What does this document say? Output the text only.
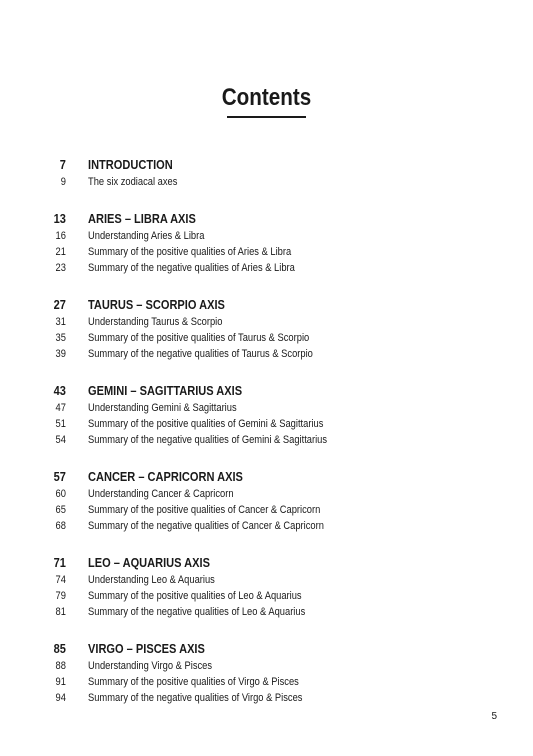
Contents
7	INTRODUCTION
9	The six zodiacal axes
13	ARIES – LIBRA AXIS
16	Understanding Aries & Libra
21	Summary of the positive qualities of Aries & Libra
23	Summary of the negative qualities of Aries & Libra
27	TAURUS – SCORPIO AXIS
31	Understanding Taurus & Scorpio
35	Summary of the positive qualities of Taurus & Scorpio
39	Summary of the negative qualities of Taurus & Scorpio
43	GEMINI – SAGITTARIUS AXIS
47	Understanding Gemini & Sagittarius
51	Summary of the positive qualities of Gemini & Sagittarius
54	Summary of the negative qualities of Gemini & Sagittarius
57	CANCER – CAPRICORN AXIS
60	Understanding Cancer & Capricorn
65	Summary of the positive qualities of Cancer & Capricorn
68	Summary of the negative qualities of Cancer & Capricorn
71	LEO – AQUARIUS AXIS
74	Understanding Leo & Aquarius
79	Summary of the positive qualities of Leo & Aquarius
81	Summary of the negative qualities of Leo & Aquarius
85	VIRGO – PISCES AXIS
88	Understanding Virgo & Pisces
91	Summary of the positive qualities of Virgo & Pisces
94	Summary of the negative qualities of Virgo & Pisces
5
